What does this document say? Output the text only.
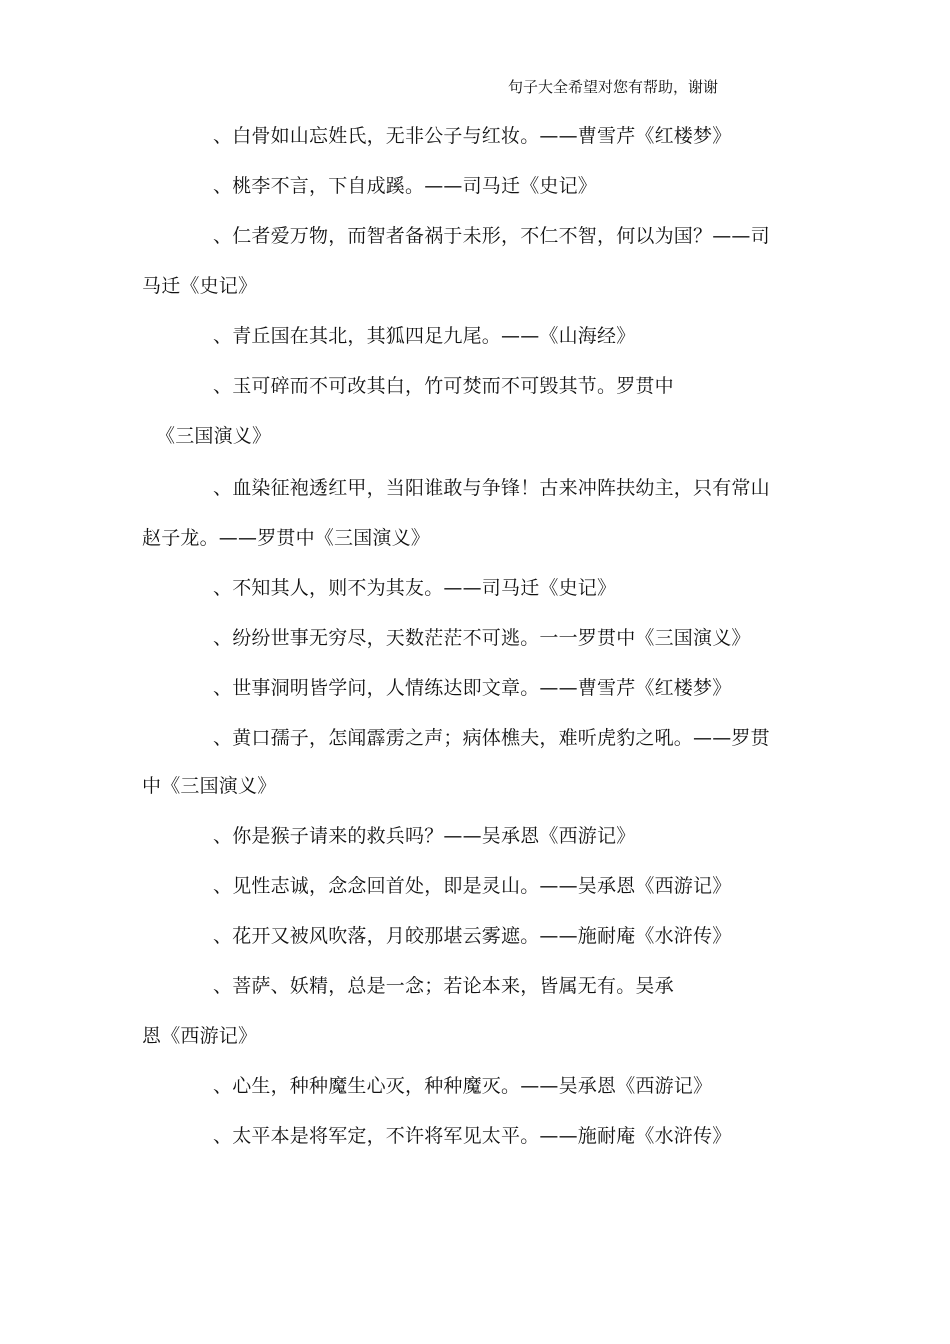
句子大全希望对您有帮助，谢谢
、白骨如山忘姓氏，无非公子与红妆。——曹雪芹《红楼梦》
、桃李不言，下自成蹊。——司马迁《史记》
、仁者爱万物，而智者备祸于未形，不仁不智，何以为国？——司
马迁《史记》
、青丘国在其北，其狐四足九尾。——《山海经》
、玉可碎而不可改其白，竹可焚而不可毁其节。罗贯中
《三国演义》
、血染征袍透红甲，当阳谁敢与争锋！古来冲阵扶幼主，只有常山
赵子龙。——罗贯中《三国演义》
、不知其人，则不为其友。——司马迁《史记》
、纷纷世事无穷尽，天数茫茫不可逃。一一罗贯中《三国演义》
、世事洞明皆学问，人情练达即文章。——曹雪芹《红楼梦》
、黄口孺子，怎闻霹雳之声；病体樵夫，难听虎豹之吼。——罗贯
中《三国演义》
、你是猴子请来的救兵吗？——吴承恩《西游记》
、见性志诚，念念回首处，即是灵山。——吴承恩《西游记》
、花开又被风吹落，月皎那堪云雾遮。——施耐庵《水浒传》
、菩萨、妖精，总是一念；若论本来，皆属无有。吴承
恩《西游记》
、心生，种种魔生心灭，种种魔灭。——吴承恩《西游记》
、太平本是将军定，不许将军见太平。——施耐庵《水浒传》
